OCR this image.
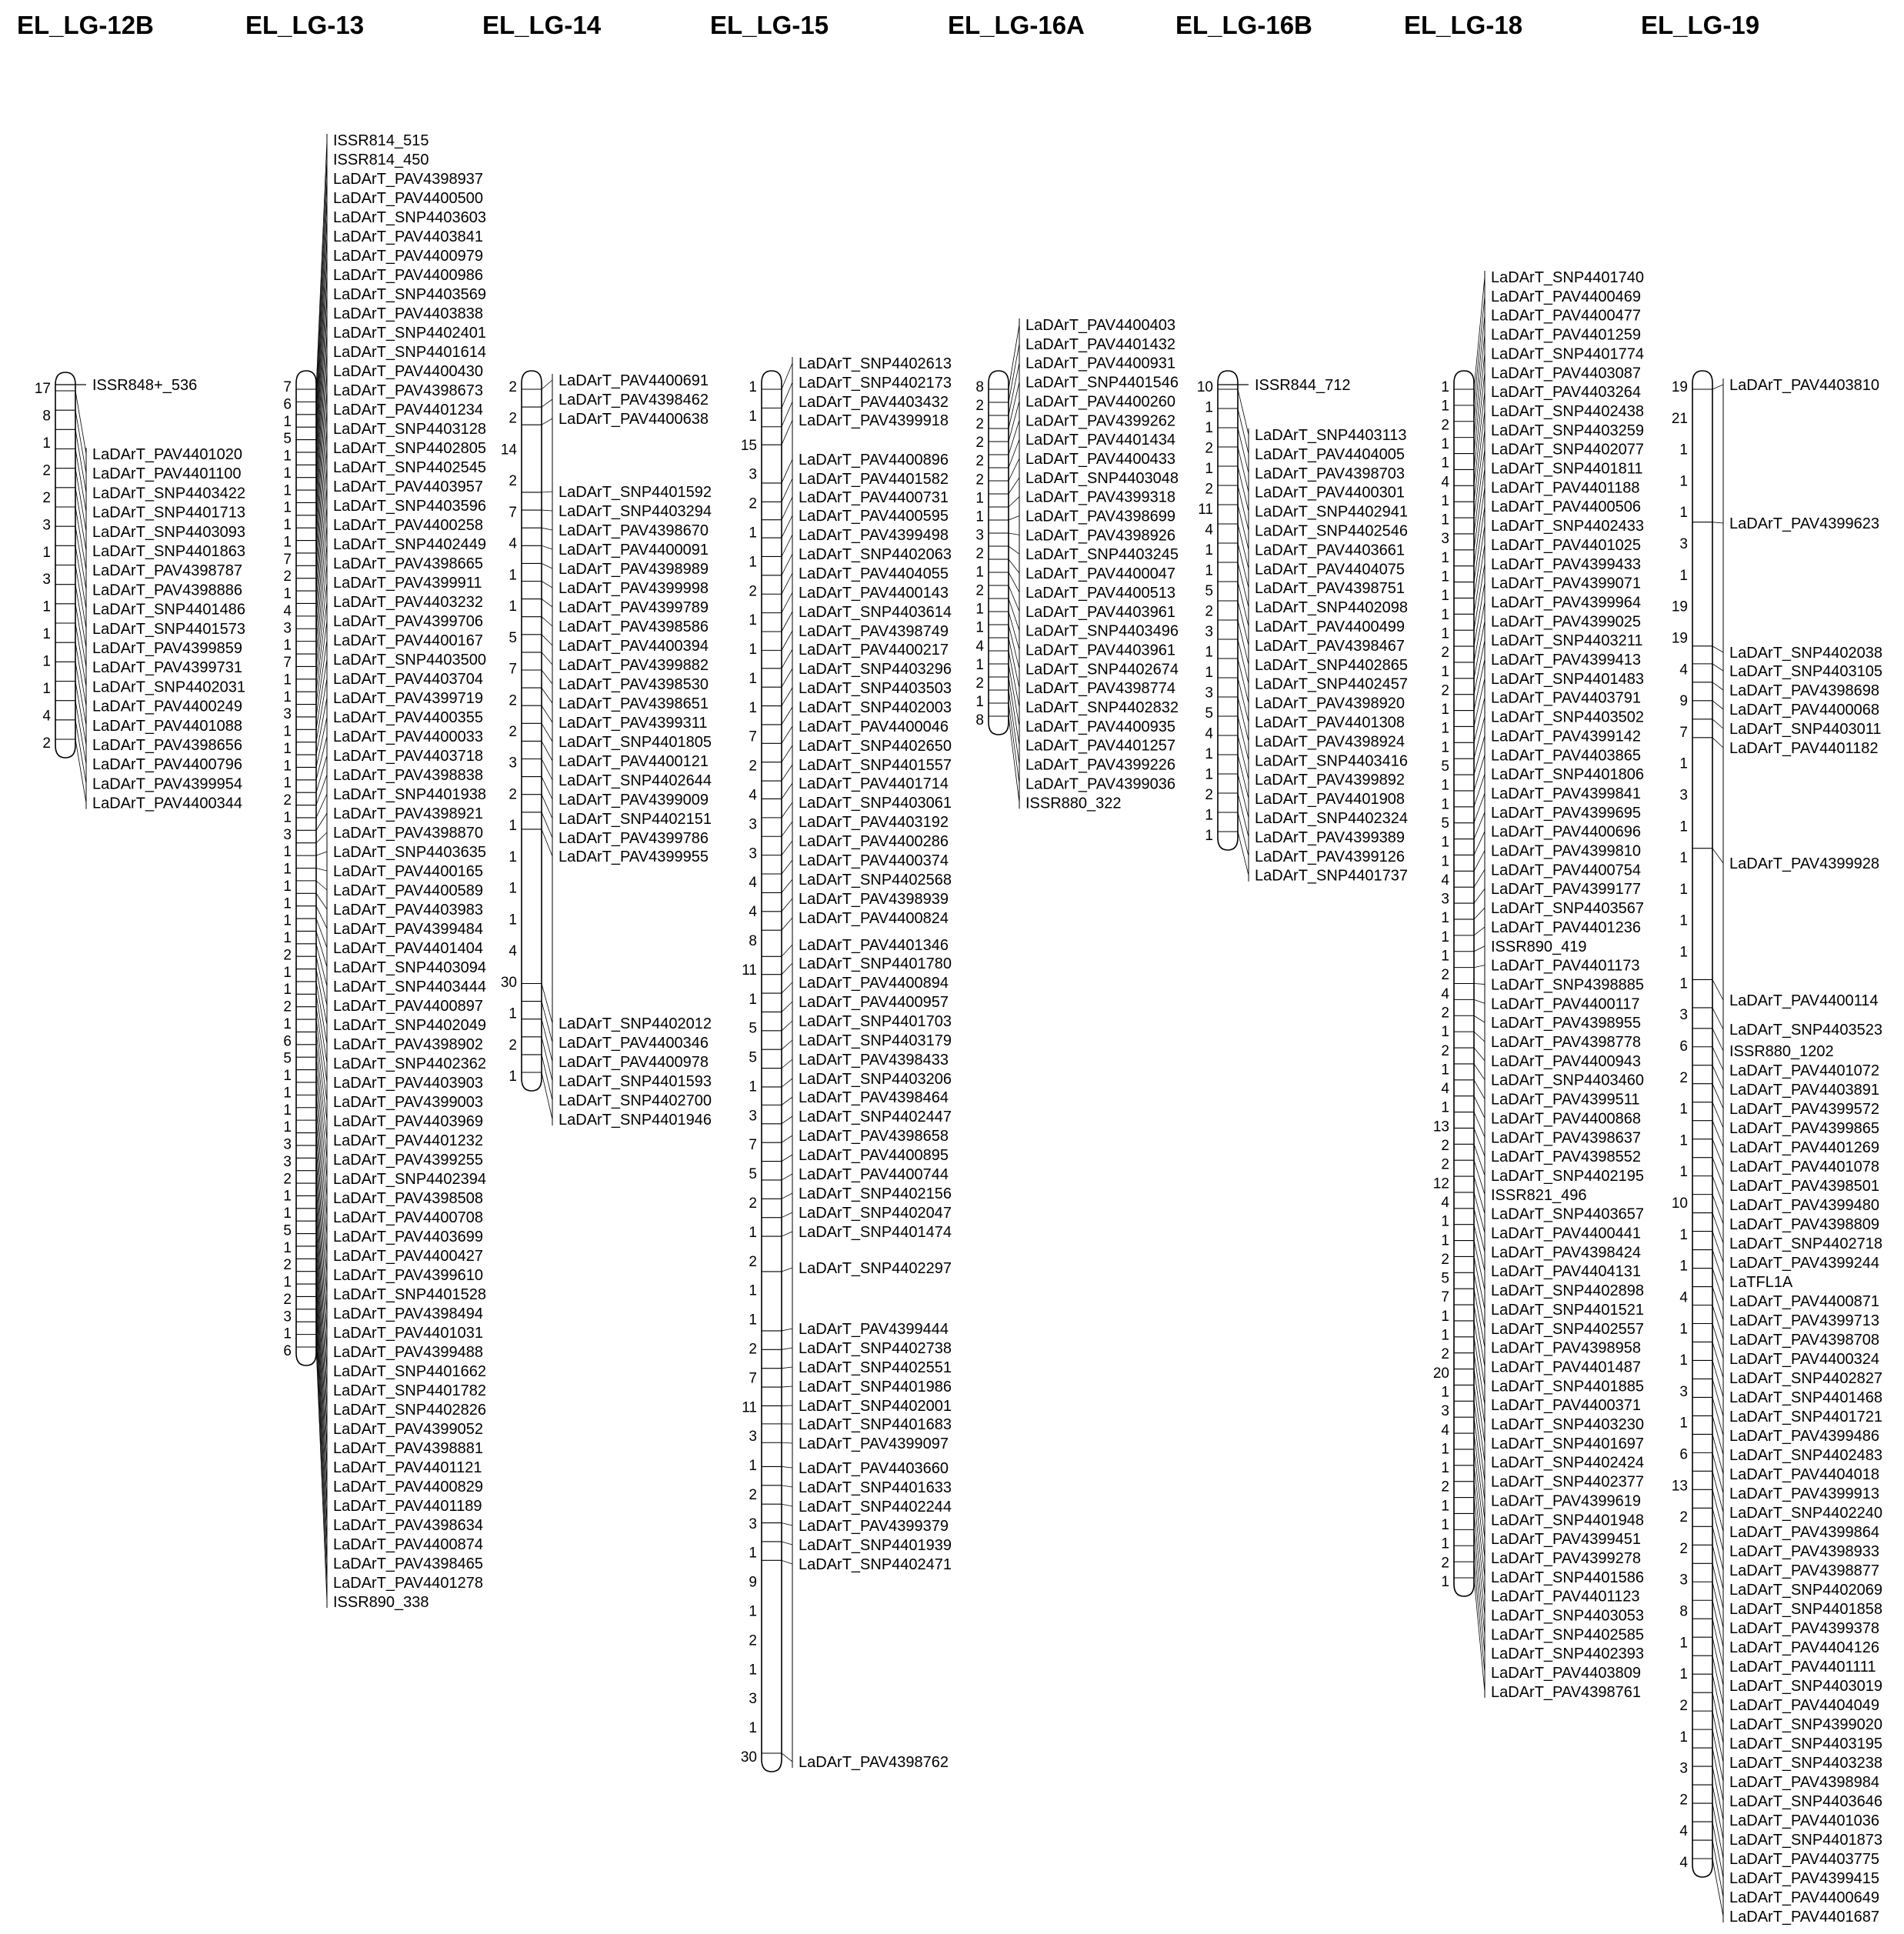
EL_LG-12B	EL_LG-13	EL_LG-14	EL_LG-15	EL_LG-16A	EL_LG-16B	EL_LG-18	EL_LG-19
ISSR848+_536
LaDArT_PAV4401020
LaDArT_PAV4401100
LaDArT_SNP4403422
LaDArT_SNP4401713
LaDArT_SNP4403093
LaDArT_SNP4401863
LaDArT_PAV4398787
LaDArT_PAV4398886
LaDArT_SNP4401486
LaDArT_SNP4401573
LaDArT_PAV4399859
LaDArT_PAV4399731
LaDArT_SNP4402031
LaDArT_PAV4400249
LaDArT_PAV4401088
LaDArT_PAV4398656
LaDArT_PAV4400796
LaDArT_PAV4399954
LaDArT_PAV4400344
17
8
1
2
2
3
1
3
1
1
1
1
4
2
ISSR814_515
ISSR814_450
LaDArT_PAV4398937
LaDArT_PAV4400500
LaDArT_SNP4403603
LaDArT_PAV4403841
LaDArT_PAV4400979
LaDArT_PAV4400986
LaDArT_SNP4403569
LaDArT_PAV4403838
LaDArT_SNP4402401
LaDArT_SNP4401614
LaDArT_PAV4400430
LaDArT_PAV4398673
LaDArT_PAV4401234
LaDArT_SNP4403128
LaDArT_SNP4402805
LaDArT_SNP4402545
LaDArT_PAV4403957
LaDArT_SNP4403596
LaDArT_PAV4400258
LaDArT_SNP4402449
LaDArT_PAV4398665
LaDArT_PAV4399911
LaDArT_PAV4403232
LaDArT_PAV4399706
LaDArT_PAV4400167
LaDArT_SNP4403500
LaDArT_PAV4403704
LaDArT_PAV4399719
LaDArT_PAV4400355
LaDArT_PAV4400033
LaDArT_PAV4403718
LaDArT_PAV4398838
LaDArT_SNP4401938
LaDArT_PAV4398921
LaDArT_PAV4398870
LaDArT_SNP4403635
LaDArT_PAV4400165
LaDArT_PAV4400589
LaDArT_PAV4403983
LaDArT_PAV4399484
LaDArT_PAV4401404
LaDArT_SNP4403094
LaDArT_SNP4403444
LaDArT_PAV4400897
LaDArT_SNP4402049
LaDArT_PAV4398902
LaDArT_SNP4402362
LaDArT_PAV4403903
LaDArT_PAV4399003
LaDArT_PAV4403969
LaDArT_PAV4401232
LaDArT_PAV4399255
LaDArT_SNP4402394
LaDArT_PAV4398508
LaDArT_PAV4400708
LaDArT_PAV4403699
LaDArT_PAV4400427
LaDArT_PAV4399610
LaDArT_SNP4401528
LaDArT_PAV4398494
LaDArT_PAV4401031
LaDArT_PAV4399488
LaDArT_SNP4401662
LaDArT_SNP4401782
LaDArT_SNP4402826
LaDArT_PAV4399052
LaDArT_PAV4398881
LaDArT_PAV4401121
LaDArT_PAV4400829
LaDArT_PAV4401189
LaDArT_PAV4398634
LaDArT_PAV4400874
LaDArT_PAV4398465
LaDArT_PAV4401278
ISSR890_338
7
6
1
5
1
1
1
1
1
1
7
2
1
4
3
1
7
1
1
3
1
1
1
1
2
1
3
1
1
1
1
1
1
2
1
1
2
1
6
5
1
1
1
1
3
3
2
1
1
5
1
2
1
2
3
1
6
LaDArT_PAV4400691
LaDArT_PAV4398462
LaDArT_PAV4400638
LaDArT_SNP4401592
LaDArT_SNP4403294
LaDArT_PAV4398670
LaDArT_PAV4400091
LaDArT_PAV4398989
LaDArT_PAV4399998
LaDArT_PAV4399789
LaDArT_PAV4398586
LaDArT_PAV4400394
LaDArT_PAV4399882
LaDArT_PAV4398530
LaDArT_PAV4398651
LaDArT_PAV4399311
LaDArT_SNP4401805
LaDArT_PAV4400121
LaDArT_SNP4402644
LaDArT_PAV4399009
LaDArT_SNP4402151
LaDArT_PAV4399786
LaDArT_PAV4399955
LaDArT_SNP4402012
LaDArT_PAV4400346
LaDArT_PAV4400978
LaDArT_SNP4401593
LaDArT_SNP4402700
LaDArT_SNP4401946
2
2
14
2
7
4
1
1
5
7
2
2
3
2
1
1
1
1
4
30
1
2
1
LaDArT_SNP4402613
LaDArT_SNP4402173
LaDArT_PAV4403432
LaDArT_PAV4399918
LaDArT_PAV4400896
LaDArT_PAV4401582
LaDArT_PAV4400731
LaDArT_PAV4400595
LaDArT_PAV4399498
LaDArT_SNP4402063
LaDArT_PAV4404055
LaDArT_PAV4400143
LaDArT_SNP4403614
LaDArT_PAV4398749
LaDArT_PAV4400217
LaDArT_SNP4403296
LaDArT_SNP4403503
LaDArT_SNP4402003
LaDArT_PAV4400046
LaDArT_SNP4402650
LaDArT_SNP4401557
LaDArT_PAV4401714
LaDArT_SNP4403061
LaDArT_PAV4403192
LaDArT_PAV4400286
LaDArT_PAV4400374
LaDArT_SNP4402568
LaDArT_PAV4398939
LaDArT_PAV4400824
LaDArT_PAV4401346
LaDArT_SNP4401780
LaDArT_PAV4400894
LaDArT_PAV4400957
LaDArT_SNP4401703
LaDArT_SNP4403179
LaDArT_PAV4398433
LaDArT_SNP4403206
LaDArT_PAV4398464
LaDArT_SNP4402447
LaDArT_PAV4398658
LaDArT_PAV4400895
LaDArT_PAV4400744
LaDArT_SNP4402156
LaDArT_SNP4402047
LaDArT_SNP4401474
LaDArT_SNP4402297
LaDArT_PAV4399444
LaDArT_SNP4402738
LaDArT_SNP4402551
LaDArT_SNP4401986
LaDArT_SNP4402001
LaDArT_SNP4401683
LaDArT_PAV4399097
LaDArT_PAV4403660
LaDArT_SNP4401633
LaDArT_SNP4402244
LaDArT_PAV4399379
LaDArT_SNP4401939
LaDArT_SNP4402471
LaDArT_PAV4398762
1
1
15
3
2
1
1
2
1
1
1
1
7
2
4
3
3
4
4
8
11
1
5
5
1
3
7
5
2
1
2
1
1
2
7
11
3
1
2
3
1
9
1
2
1
3
1
30
LaDArT_PAV4400403
LaDArT_PAV4401432
LaDArT_PAV4400931
LaDArT_SNP4401546
LaDArT_PAV4400260
LaDArT_PAV4399262
LaDArT_PAV4401434
LaDArT_PAV4400433
LaDArT_SNP4403048
LaDArT_PAV4399318
LaDArT_PAV4398699
LaDArT_PAV4398926
LaDArT_SNP4403245
LaDArT_PAV4400047
LaDArT_PAV4400513
LaDArT_PAV4403961
LaDArT_SNP4403496
LaDArT_PAV4403961
LaDArT_SNP4402674
LaDArT_PAV4398774
LaDArT_SNP4402832
LaDArT_PAV4400935
LaDArT_PAV4401257
LaDArT_PAV4399226
LaDArT_PAV4399036
ISSR880_322
8
2
2
2
2
2
1
1
3
2
1
2
1
1
4
1
2
1
8
ISSR844_712
LaDArT_SNP4403113
LaDArT_PAV4404005
LaDArT_PAV4398703
LaDArT_PAV4400301
LaDArT_SNP4402941
LaDArT_SNP4402546
LaDArT_PAV4403661
LaDArT_PAV4404075
LaDArT_PAV4398751
LaDArT_SNP4402098
LaDArT_PAV4400499
LaDArT_PAV4398467
LaDArT_SNP4402865
LaDArT_SNP4402457
LaDArT_PAV4398920
LaDArT_PAV4401308
LaDArT_PAV4398924
LaDArT_SNP4403416
LaDArT_PAV4399892
LaDArT_PAV4401908
LaDArT_SNP4402324
LaDArT_PAV4399389
LaDArT_PAV4399126
LaDArT_SNP4401737
10
1
1
2
1
2
11
4
1
1
5
2
3
1
1
3
5
4
1
1
2
1
1
LaDArT_SNP4401740
LaDArT_PAV4400469
LaDArT_PAV4400477
LaDArT_PAV4401259
LaDArT_SNP4401774
LaDArT_PAV4403087
LaDArT_PAV4403264
LaDArT_SNP4402438
LaDArT_SNP4403259
LaDArT_SNP4402077
LaDArT_SNP4401811
LaDArT_PAV4401188
LaDArT_PAV4400506
LaDArT_SNP4402433
LaDArT_PAV4401025
LaDArT_PAV4399433
LaDArT_PAV4399071
LaDArT_PAV4399964
LaDArT_PAV4399025
LaDArT_SNP4403211
LaDArT_PAV4399413
LaDArT_SNP4401483
LaDArT_PAV4403791
LaDArT_SNP4403502
LaDArT_PAV4399142
LaDArT_PAV4403865
LaDArT_SNP4401806
LaDArT_PAV4399841
LaDArT_PAV4399695
LaDArT_PAV4400696
LaDArT_PAV4399810
LaDArT_PAV4400754
LaDArT_PAV4399177
LaDArT_SNP4403567
LaDArT_PAV4401236
ISSR890_419
LaDArT_PAV4401173
LaDArT_SNP4398885
LaDArT_PAV4400117
LaDArT_PAV4398955
LaDArT_PAV4398778
LaDArT_PAV4400943
LaDArT_SNP4403460
LaDArT_PAV4399511
LaDArT_PAV4400868
LaDArT_PAV4398637
LaDArT_PAV4398552
LaDArT_SNP4402195
ISSR821_496
LaDArT_SNP4403657
LaDArT_PAV4400441
LaDArT_PAV4398424
LaDArT_PAV4404131
LaDArT_SNP4402898
LaDArT_SNP4401521
LaDArT_SNP4402557
LaDArT_PAV4398958
LaDArT_PAV4401487
LaDArT_SNP4401885
LaDArT_PAV4400371
LaDArT_SNP4403230
LaDArT_SNP4401697
LaDArT_SNP4402424
LaDArT_SNP4402377
LaDArT_PAV4399619
LaDArT_SNP4401948
LaDArT_PAV4399451
LaDArT_PAV4399278
LaDArT_SNP4401586
LaDArT_PAV4401123
LaDArT_SNP4403053
LaDArT_SNP4402585
LaDArT_SNP4402393
LaDArT_PAV4403809
LaDArT_PAV4398761
1
1
2
1
1
4
1
1
3
1
1
1
1
1
2
1
2
1
1
1
5
1
1
5
1
1
4
3
1
1
1
2
4
2
1
2
1
4
1
13
2
2
12
4
1
1
2
5
7
1
1
2
20
1
3
4
1
1
2
1
1
1
2
1
LaDArT_PAV4403810
LaDArT_PAV4399623
LaDArT_SNP4402038
LaDArT_SNP4403105
LaDArT_PAV4398698
LaDArT_PAV4400068
LaDArT_SNP4403011
LaDArT_PAV4401182
LaDArT_PAV4399928
LaDArT_PAV4400114
LaDArT_SNP4403523
ISSR880_1202
LaDArT_PAV4401072
LaDArT_PAV4403891
LaDArT_PAV4399572
LaDArT_PAV4399865
LaDArT_PAV4401269
LaDArT_PAV4401078
LaDArT_PAV4398501
LaDArT_PAV4399480
LaDArT_PAV4398809
LaDArT_SNP4402718
LaDArT_PAV4399244
LaTFL1A
LaDArT_PAV4400871
LaDArT_PAV4399713
LaDArT_PAV4398708
LaDArT_PAV4400324
LaDArT_SNP4402827
LaDArT_SNP4401468
LaDArT_SNP4401721
LaDArT_PAV4399486
LaDArT_SNP4402483
LaDArT_PAV4404018
LaDArT_PAV4399913
LaDArT_SNP4402240
LaDArT_PAV4399864
LaDArT_PAV4398933
LaDArT_PAV4398877
LaDArT_SNP4402069
LaDArT_SNP4401858
LaDArT_PAV4399378
LaDArT_PAV4404126
LaDArT_PAV4401111
LaDArT_SNP4403019
LaDArT_PAV4404049
LaDArT_SNP4399020
LaDArT_SNP4403195
LaDArT_SNP4403238
LaDArT_PAV4398984
LaDArT_SNP4403646
LaDArT_PAV4401036
LaDArT_SNP4401873
LaDArT_PAV4403775
LaDArT_PAV4399415
LaDArT_PAV4400649
LaDArT_PAV4401687
19
21
1
1
1
3
1
19
19
4
9
7
1
3
1
1
1
1
1
1
3
6
2
1
1
1
10
1
1
4
1
1
3
1
6
13
2
2
3
8
1
1
2
1
3
2
4
4
